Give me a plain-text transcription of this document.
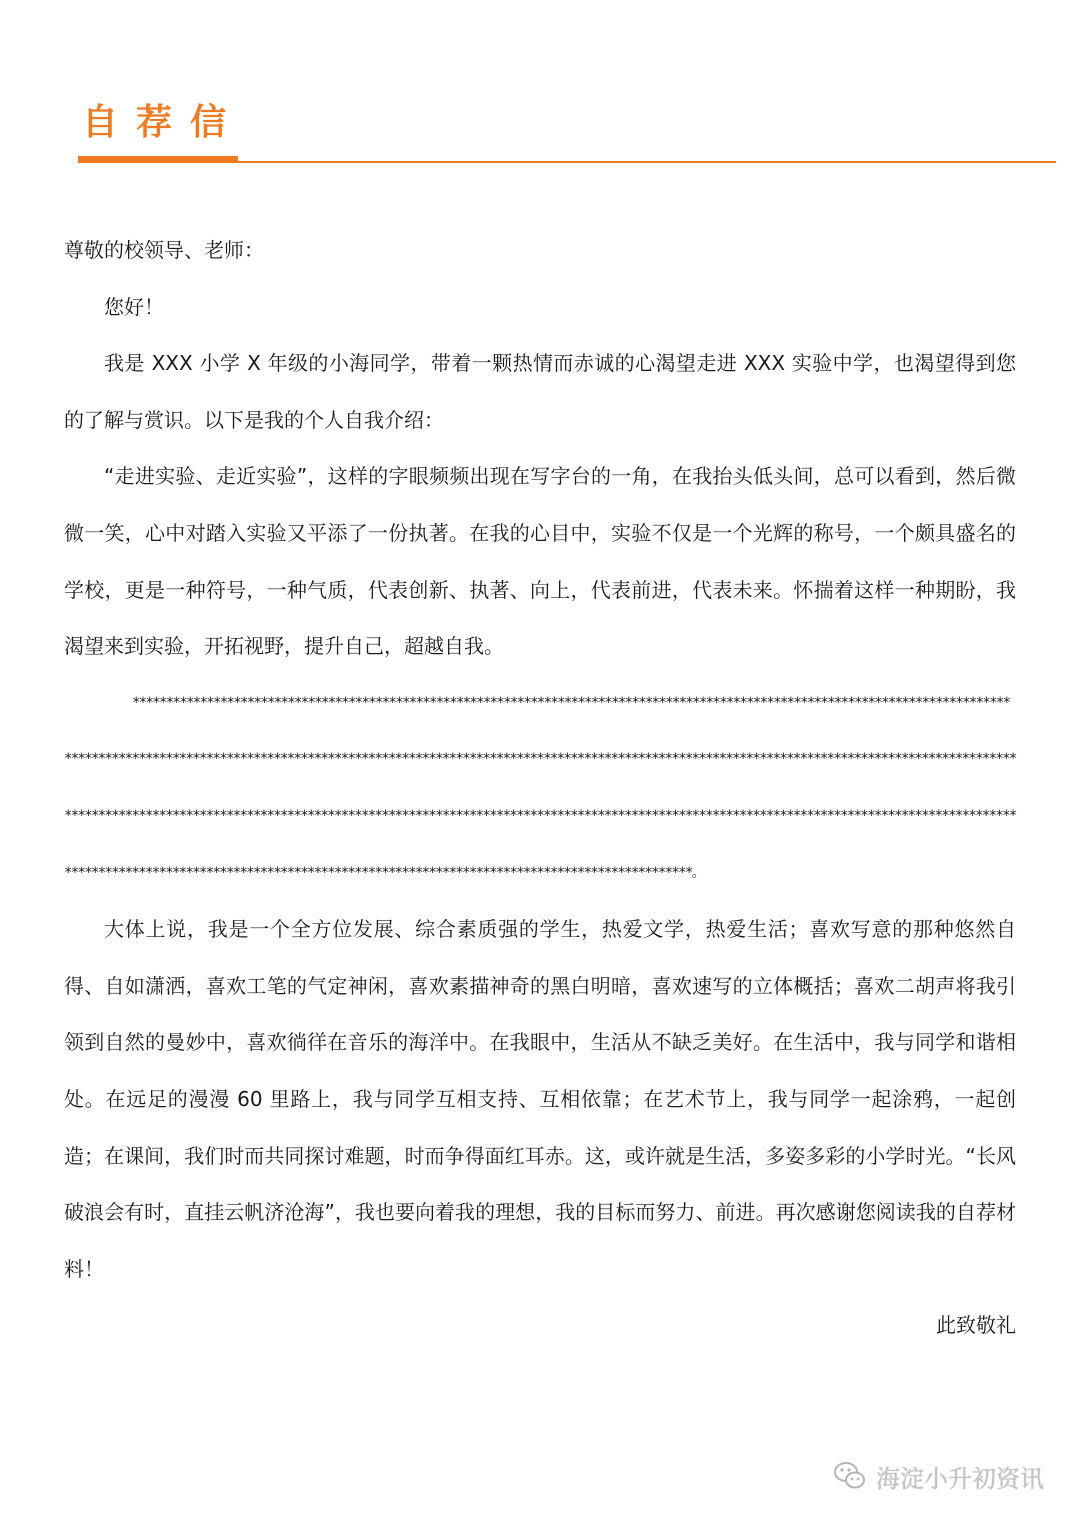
自荐信

尊敬的校领导、老师：

您好！

我是 XXX 小学 X 年级的小海同学，带着一颗热情而赤诚的心渴望走进 XXX 实验中学，也渴望得到您的了解与赏识。以下是我的个人自我介绍：

“走进实验、走近实验”，这样的字眼频频出现在写字台的一角，在我抬头低头间，总可以看到，然后微微一笑，心中对踏入实验又平添了一份执著。在我的心目中，实验不仅是一个光辉的称号，一个颇具盛名的学校，更是一种符号，一种气质，代表创新、执著、向上，代表前进，代表未来。怀揣着这样一种期盼，我渴望来到实验，开拓视野，提升自己，超越自我。

*************************************************************************************************************************************************************************************************************************************************************************************************************************************************************************************************************************************************************************************************************************。

大体上说，我是一个全方位发展、综合素质强的学生，热爱文学，热爱生活；喜欢写意的那种悠然自得、自如潇洒，喜欢工笔的气定神闲，喜欢素描神奇的黑白明暗，喜欢速写的立体概括；喜欢二胡声将我引领到自然的曼妙中，喜欢徜徉在音乐的海洋中。在我眼中，生活从不缺乏美好。在生活中，我与同学和谐相处。在远足的漫漫 60 里路上，我与同学互相支持、互相依靠；在艺术节上，我与同学一起涂鸦，一起创造；在课间，我们时而共同探讨难题，时而争得面红耳赤。这，或许就是生活，多姿多彩的小学时光。“长风破浪会有时，直挂云帆济沧海”，我也要向着我的理想，我的目标而努力、前进。再次感谢您阅读我的自荐材料！

此致敬礼

海淀小升初资讯
